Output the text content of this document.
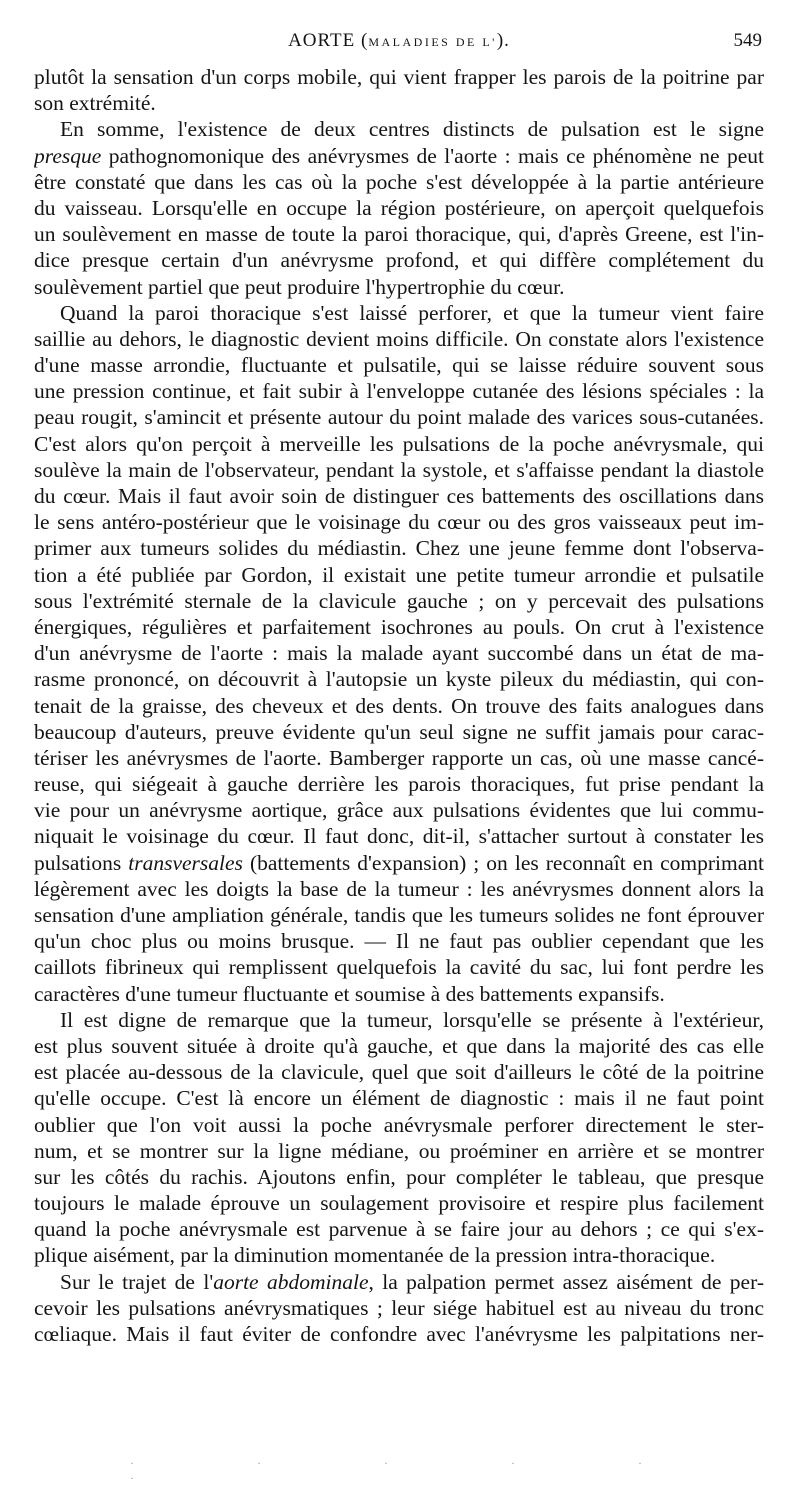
AORTE (MALADIES DE L').	549
plutôt la sensation d'un corps mobile, qui vient frapper les parois de la poitrine par
son extrémité.
En somme, l'existence de deux centres distincts de pulsation est le signe
presque pathognomonique des anévrysmes de l'aorte : mais ce phénomène ne peut
être constaté que dans les cas où la poche s'est développée à la partie antérieure
du vaisseau. Lorsqu'elle en occupe la région postérieure, on aperçoit quelquefois
un soulèvement en masse de toute la paroi thoracique, qui, d'après Greene, est l'in-
dice presque certain d'un anévrysme profond, et qui diffère complétement du
soulèvement partiel que peut produire l'hypertrophie du cœur.
Quand la paroi thoracique s'est laissé perforer, et que la tumeur vient faire
saillie au dehors, le diagnostic devient moins difficile. On constate alors l'existence
d'une masse arrondie, fluctuante et pulsatile, qui se laisse réduire souvent sous
une pression continue, et fait subir à l'enveloppe cutanée des lésions spéciales : la
peau rougit, s'amincit et présente autour du point malade des varices sous-cutanées.
C'est alors qu'on perçoit à merveille les pulsations de la poche anévrysmale, qui
soulève la main de l'observateur, pendant la systole, et s'affaisse pendant la diastole
du cœur. Mais il faut avoir soin de distinguer ces battements des oscillations dans
le sens antéro-postérieur que le voisinage du cœur ou des gros vaisseaux peut im-
primer aux tumeurs solides du médiastin. Chez une jeune femme dont l'observa-
tion a été publiée par Gordon, il existait une petite tumeur arrondie et pulsatile
sous l'extrémité sternale de la clavicule gauche ; on y percevait des pulsations
énergiques, régulières et parfaitement isochrones au pouls. On crut à l'existence
d'un anévrysme de l'aorte : mais la malade ayant succombé dans un état de ma-
rasme prononcé, on découvrit à l'autopsie un kyste pileux du médiastin, qui con-
tenait de la graisse, des cheveux et des dents. On trouve des faits analogues dans
beaucoup d'auteurs, preuve évidente qu'un seul signe ne suffit jamais pour carac-
tériser les anévrysmes de l'aorte. Bamberger rapporte un cas, où une masse cancé-
reuse, qui siégeait à gauche derrière les parois thoraciques, fut prise pendant la
vie pour un anévrysme aortique, grâce aux pulsations évidentes que lui commu-
niquait le voisinage du cœur. Il faut donc, dit-il, s'attacher surtout à constater les
pulsations transversales (battements d'expansion) ; on les reconnaît en comprimant
légèrement avec les doigts la base de la tumeur : les anévrysmes donnent alors la
sensation d'une ampliation générale, tandis que les tumeurs solides ne font éprouver
qu'un choc plus ou moins brusque. — Il ne faut pas oublier cependant que les
caillots fibrineux qui remplissent quelquefois la cavité du sac, lui font perdre les
caractères d'une tumeur fluctuante et soumise à des battements expansifs.
Il est digne de remarque que la tumeur, lorsqu'elle se présente à l'extérieur,
est plus souvent située à droite qu'à gauche, et que dans la majorité des cas elle
est placée au-dessous de la clavicule, quel que soit d'ailleurs le côté de la poitrine
qu'elle occupe. C'est là encore un élément de diagnostic : mais il ne faut point
oublier que l'on voit aussi la poche anévrysmale perforer directement le ster-
num, et se montrer sur la ligne médiane, ou proéminer en arrière et se montrer
sur les côtés du rachis. Ajoutons enfin, pour compléter le tableau, que presque
toujours le malade éprouve un soulagement provisoire et respire plus facilement
quand la poche anévrysmale est parvenue à se faire jour au dehors ; ce qui s'ex-
plique aisément, par la diminution momentanée de la pression intra-thoracique.
Sur le trajet de l'aorte abdominale, la palpation permet assez aisément de per-
cevoir les pulsations anévrysmatiques ; leur siége habituel est au niveau du tronc
cœliaque. Mais il faut éviter de confondre avec l'anévrysme les palpitations ner-
· · · · · ·
